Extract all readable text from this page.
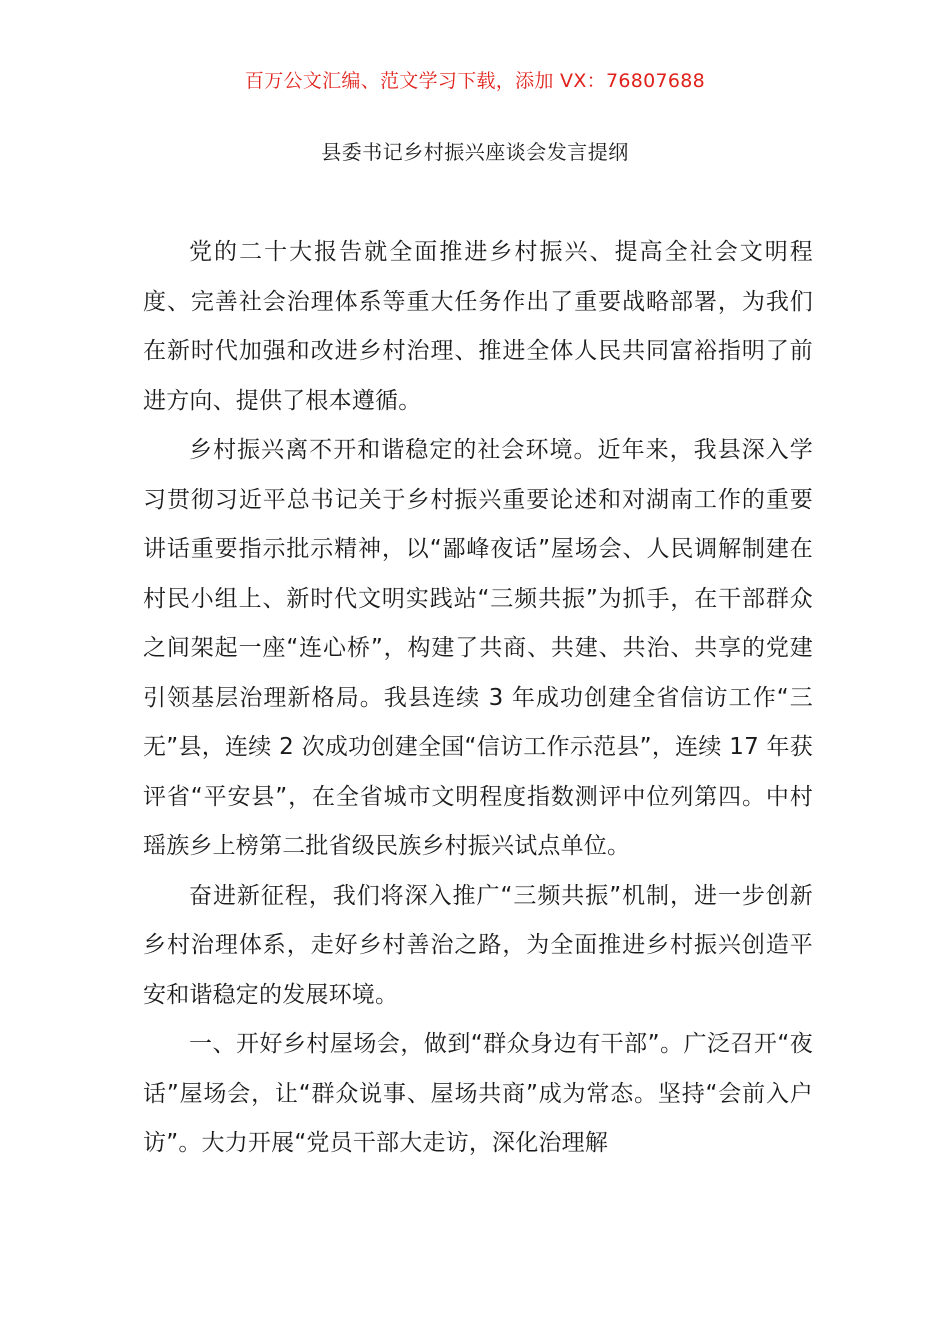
百万公文汇编、范文学习下载，添加 VX：76807688
县委书记乡村振兴座谈会发言提纲

党的二十大报告就全面推进乡村振兴、提高全社会文明程度、完善社会治理体系等重大任务作出了重要战略部署，为我们在新时代加强和改进乡村治理、推进全体人民共同富裕指明了前进方向、提供了根本遵循。

乡村振兴离不开和谐稳定的社会环境。近年来，我县深入学习贯彻习近平总书记关于乡村振兴重要论述和对湖南工作的重要讲话重要指示批示精神，以“鄙峰夜话”屋场会、人民调解制建在村民小组上、新时代文明实践站“三频共振”为抓手，在干部群众之间架起一座“连心桥”，构建了共商、共建、共治、共享的党建引领基层治理新格局。我县连续 3 年成功创建全省信访工作“三无”县，连续 2 次成功创建全国“信访工作示范县”，连续 17 年获评省“平安县”，在全省城市文明程度指数测评中位列第四。中村瑶族乡上榜第二批省级民族乡村振兴试点单位。

奋进新征程，我们将深入推广“三频共振”机制，进一步创新乡村治理体系，走好乡村善治之路，为全面推进乡村振兴创造平安和谐稳定的发展环境。

一、开好乡村屋场会，做到“群众身边有干部”。广泛召开“夜话”屋场会，让“群众说事、屋场共商”成为常态。坚持“会前入户访”。大力开展“党员干部大走访，深化治理解
